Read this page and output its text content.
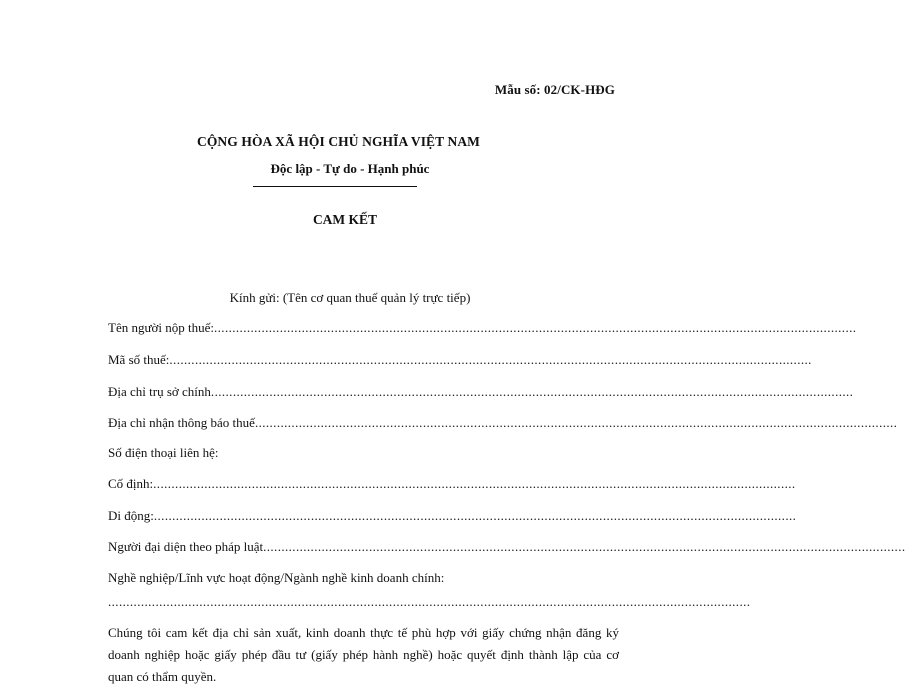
Mẫu số: 02/CK-HĐG
CỘNG HÒA XÃ HỘI CHỦ NGHĨA VIỆT NAM
Độc lập - Tự do - Hạnh phúc
CAM KẾT
Kính gửi: (Tên cơ quan thuế quản lý trực tiếp)
Tên người nộp thuế: ................................................................................................................................................................................
Mã số thuế: ................................................................................................................................................................................
Địa chỉ trụ sở chính ................................................................................................................................................................................
Địa chỉ nhận thông báo thuế ................................................................................................................................................................................
Số điện thoại liên hệ:
Cố định: ................................................................................................................................................................................
Di động: ................................................................................................................................................................................
Người đại diện theo pháp luật ................................................................................................................................................................................
Nghề nghiệp/Lĩnh vực hoạt động/Ngành nghề kinh doanh chính:
................................................................................................................................................................................
Chúng tôi cam kết địa chỉ sản xuất, kinh doanh thực tế phù hợp với giấy chứng nhận đăng ký doanh nghiệp hoặc giấy phép đầu tư (giấy phép hành nghề) hoặc quyết định thành lập của cơ quan có thẩm quyền.
